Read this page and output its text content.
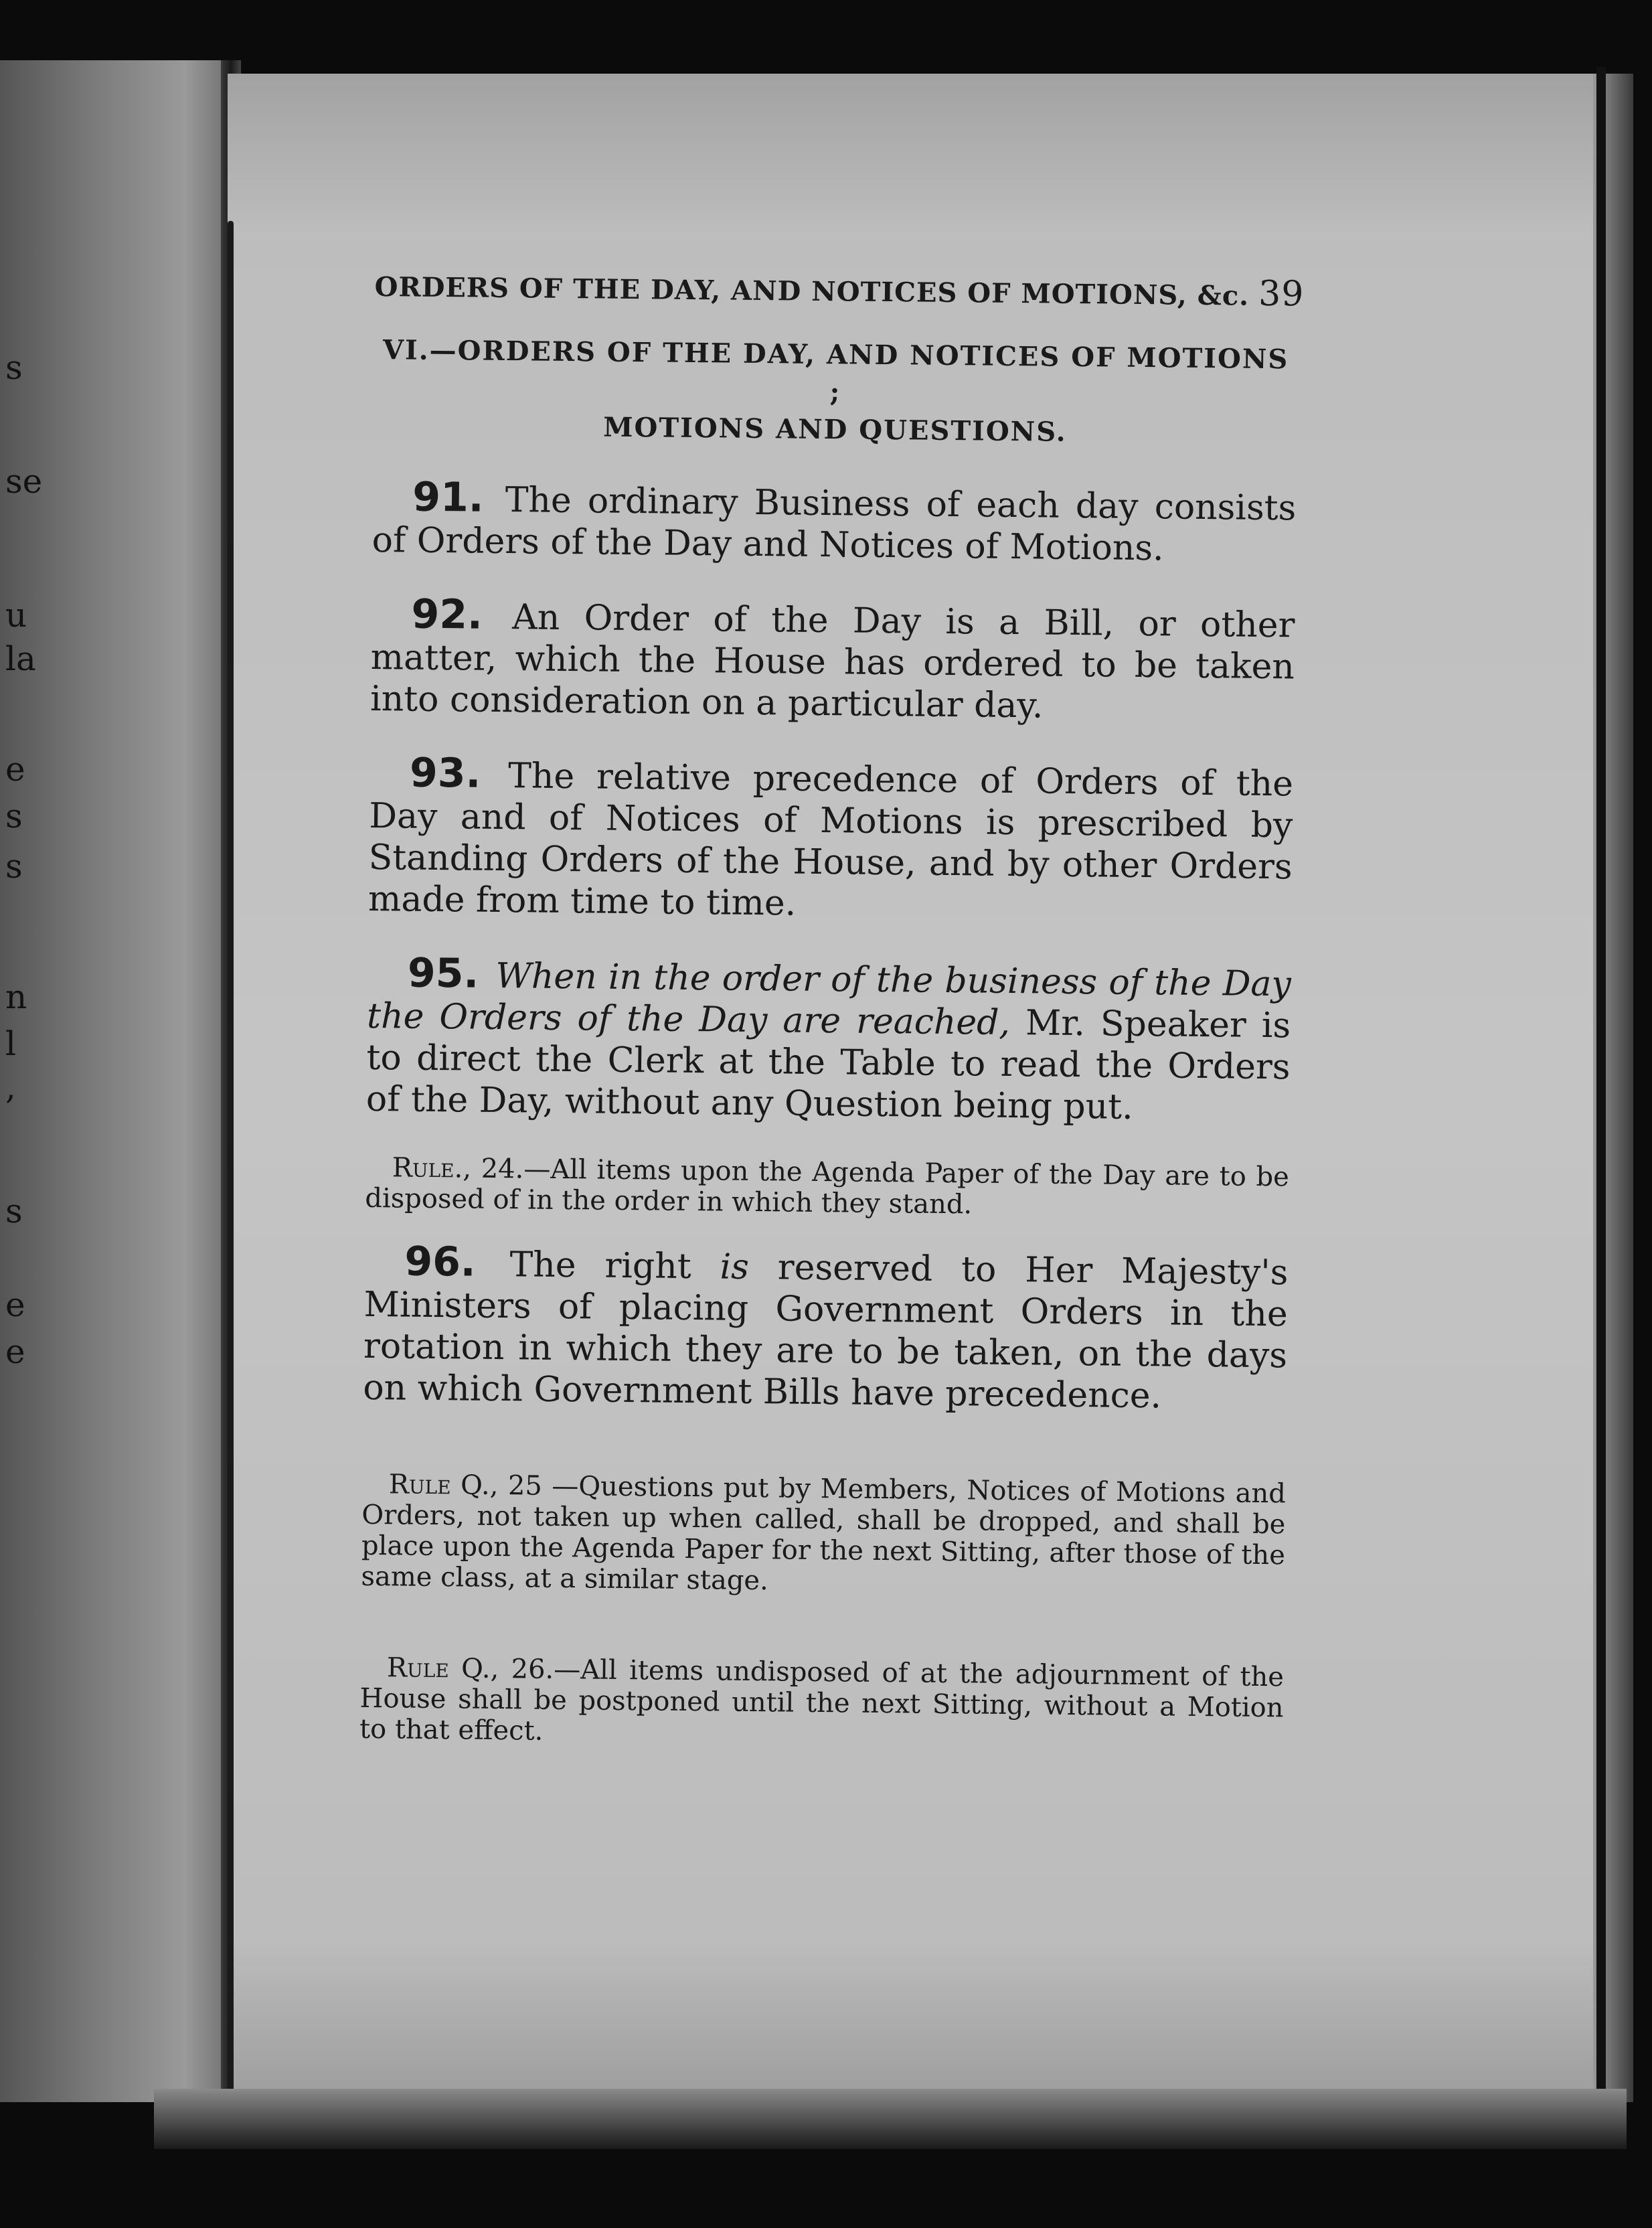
s
se
u
la
e
s
s
n
l
,
s
e
e
ORDERS OF THE DAY, AND NOTICES OF MOTIONS, &c. 39
VI.—ORDERS OF THE DAY, AND NOTICES OF MOTIONS ;
MOTIONS AND QUESTIONS.

91. The ordinary Business of each day consists of Orders of the Day and Notices of Motions.

92. An Order of the Day is a Bill, or other matter, which the House has ordered to be taken into consideration on a particular day.

93. The relative precedence of Orders of the Day and of Notices of Motions is prescribed by Standing Orders of the House, and by other Orders made from time to time.

95. When in the order of the business of the Day the Orders of the Day are reached, Mr. Speaker is to direct the Clerk at the Table to read the Orders of the Day, without any Question being put.

Rule., 24.—All items upon the Agenda Paper of the Day are to be disposed of in the order in which they stand.

96. The right is reserved to Her Majesty's Ministers of placing Government Orders in the rotation in which they are to be taken, on the days on which Government Bills have precedence.

Rule Q., 25 —Questions put by Members, Notices of Motions and Orders, not taken up when called, shall be dropped, and shall be place upon the Agenda Paper for the next Sitting, after those of the same class, at a similar stage.

Rule Q., 26.—All items undisposed of at the adjournment of the House shall be postponed until the next Sitting, without a Motion to that effect.
